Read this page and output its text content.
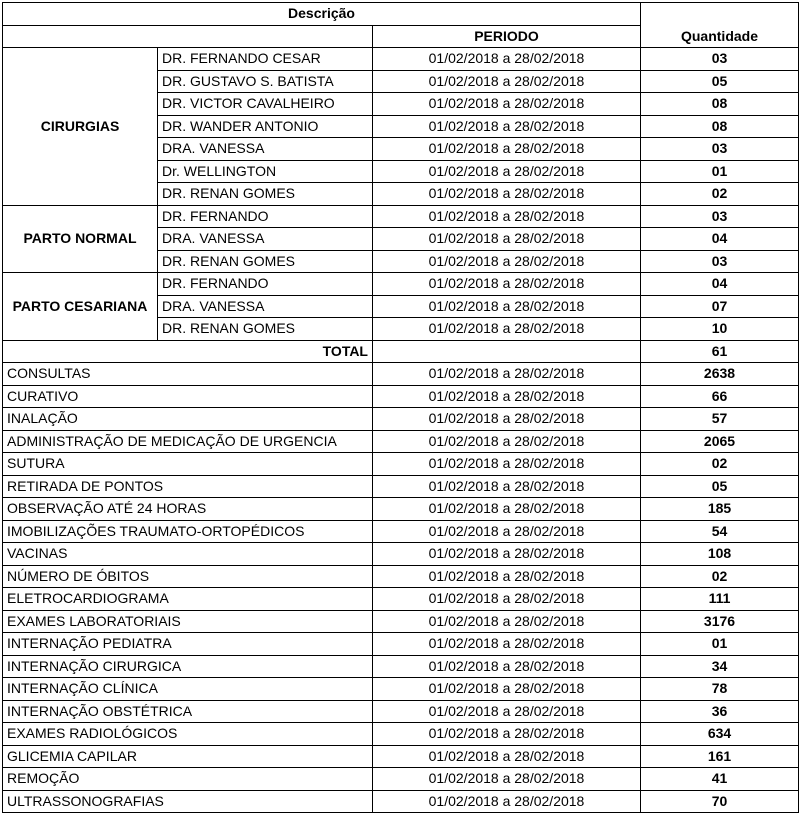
Descrição			Quantidade
		PERIODO	
CIRURGIAS	DR. FERNANDO CESAR	01/02/2018 a 28/02/2018	03
	DR. GUSTAVO S. BATISTA	01/02/2018 a 28/02/2018	05
	DR. VICTOR CAVALHEIRO	01/02/2018 a 28/02/2018	08
	DR. WANDER ANTONIO	01/02/2018 a 28/02/2018	08
	DRA. VANESSA	01/02/2018 a 28/02/2018	03
	Dr. WELLINGTON	01/02/2018 a 28/02/2018	01
	DR. RENAN GOMES	01/02/2018 a 28/02/2018	02
PARTO NORMAL	DR. FERNANDO	01/02/2018 a 28/02/2018	03
	DRA. VANESSA	01/02/2018 a 28/02/2018	04
	DR. RENAN GOMES	01/02/2018 a 28/02/2018	03
PARTO CESARIANA	DR. FERNANDO	01/02/2018 a 28/02/2018	04
	DRA. VANESSA	01/02/2018 a 28/02/2018	07
	DR. RENAN GOMES	01/02/2018 a 28/02/2018	10
TOTAL			61
CONSULTAS		01/02/2018 a 28/02/2018	2638
CURATIVO		01/02/2018 a 28/02/2018	66
INALAÇÃO		01/02/2018 a 28/02/2018	57
ADMINISTRAÇÃO DE MEDICAÇÃO DE URGENCIA		01/02/2018 a 28/02/2018	2065
SUTURA		01/02/2018 a 28/02/2018	02
RETIRADA DE PONTOS		01/02/2018 a 28/02/2018	05
OBSERVAÇÃO ATÉ 24 HORAS		01/02/2018 a 28/02/2018	185
IMOBILIZAÇÕES TRAUMATO-ORTOPÉDICOS		01/02/2018 a 28/02/2018	54
VACINAS		01/02/2018 a 28/02/2018	108
NÚMERO DE ÓBITOS		01/02/2018 a 28/02/2018	02
ELETROCARDIOGRAMA		01/02/2018 a 28/02/2018	111
EXAMES LABORATORIAIS		01/02/2018 a 28/02/2018	3176
INTERNAÇÃO PEDIATRA		01/02/2018 a 28/02/2018	01
INTERNAÇÃO CIRURGICA		01/02/2018 a 28/02/2018	34
INTERNAÇÃO CLÍNICA		01/02/2018 a 28/02/2018	78
INTERNAÇÃO OBSTÉTRICA		01/02/2018 a 28/02/2018	36
EXAMES RADIOLÓGICOS		01/02/2018 a 28/02/2018	634
GLICEMIA CAPILAR		01/02/2018 a 28/02/2018	161
REMOÇÃO		01/02/2018 a 28/02/2018	41
ULTRASSONOGRAFIAS		01/02/2018 a 28/02/2018	70
